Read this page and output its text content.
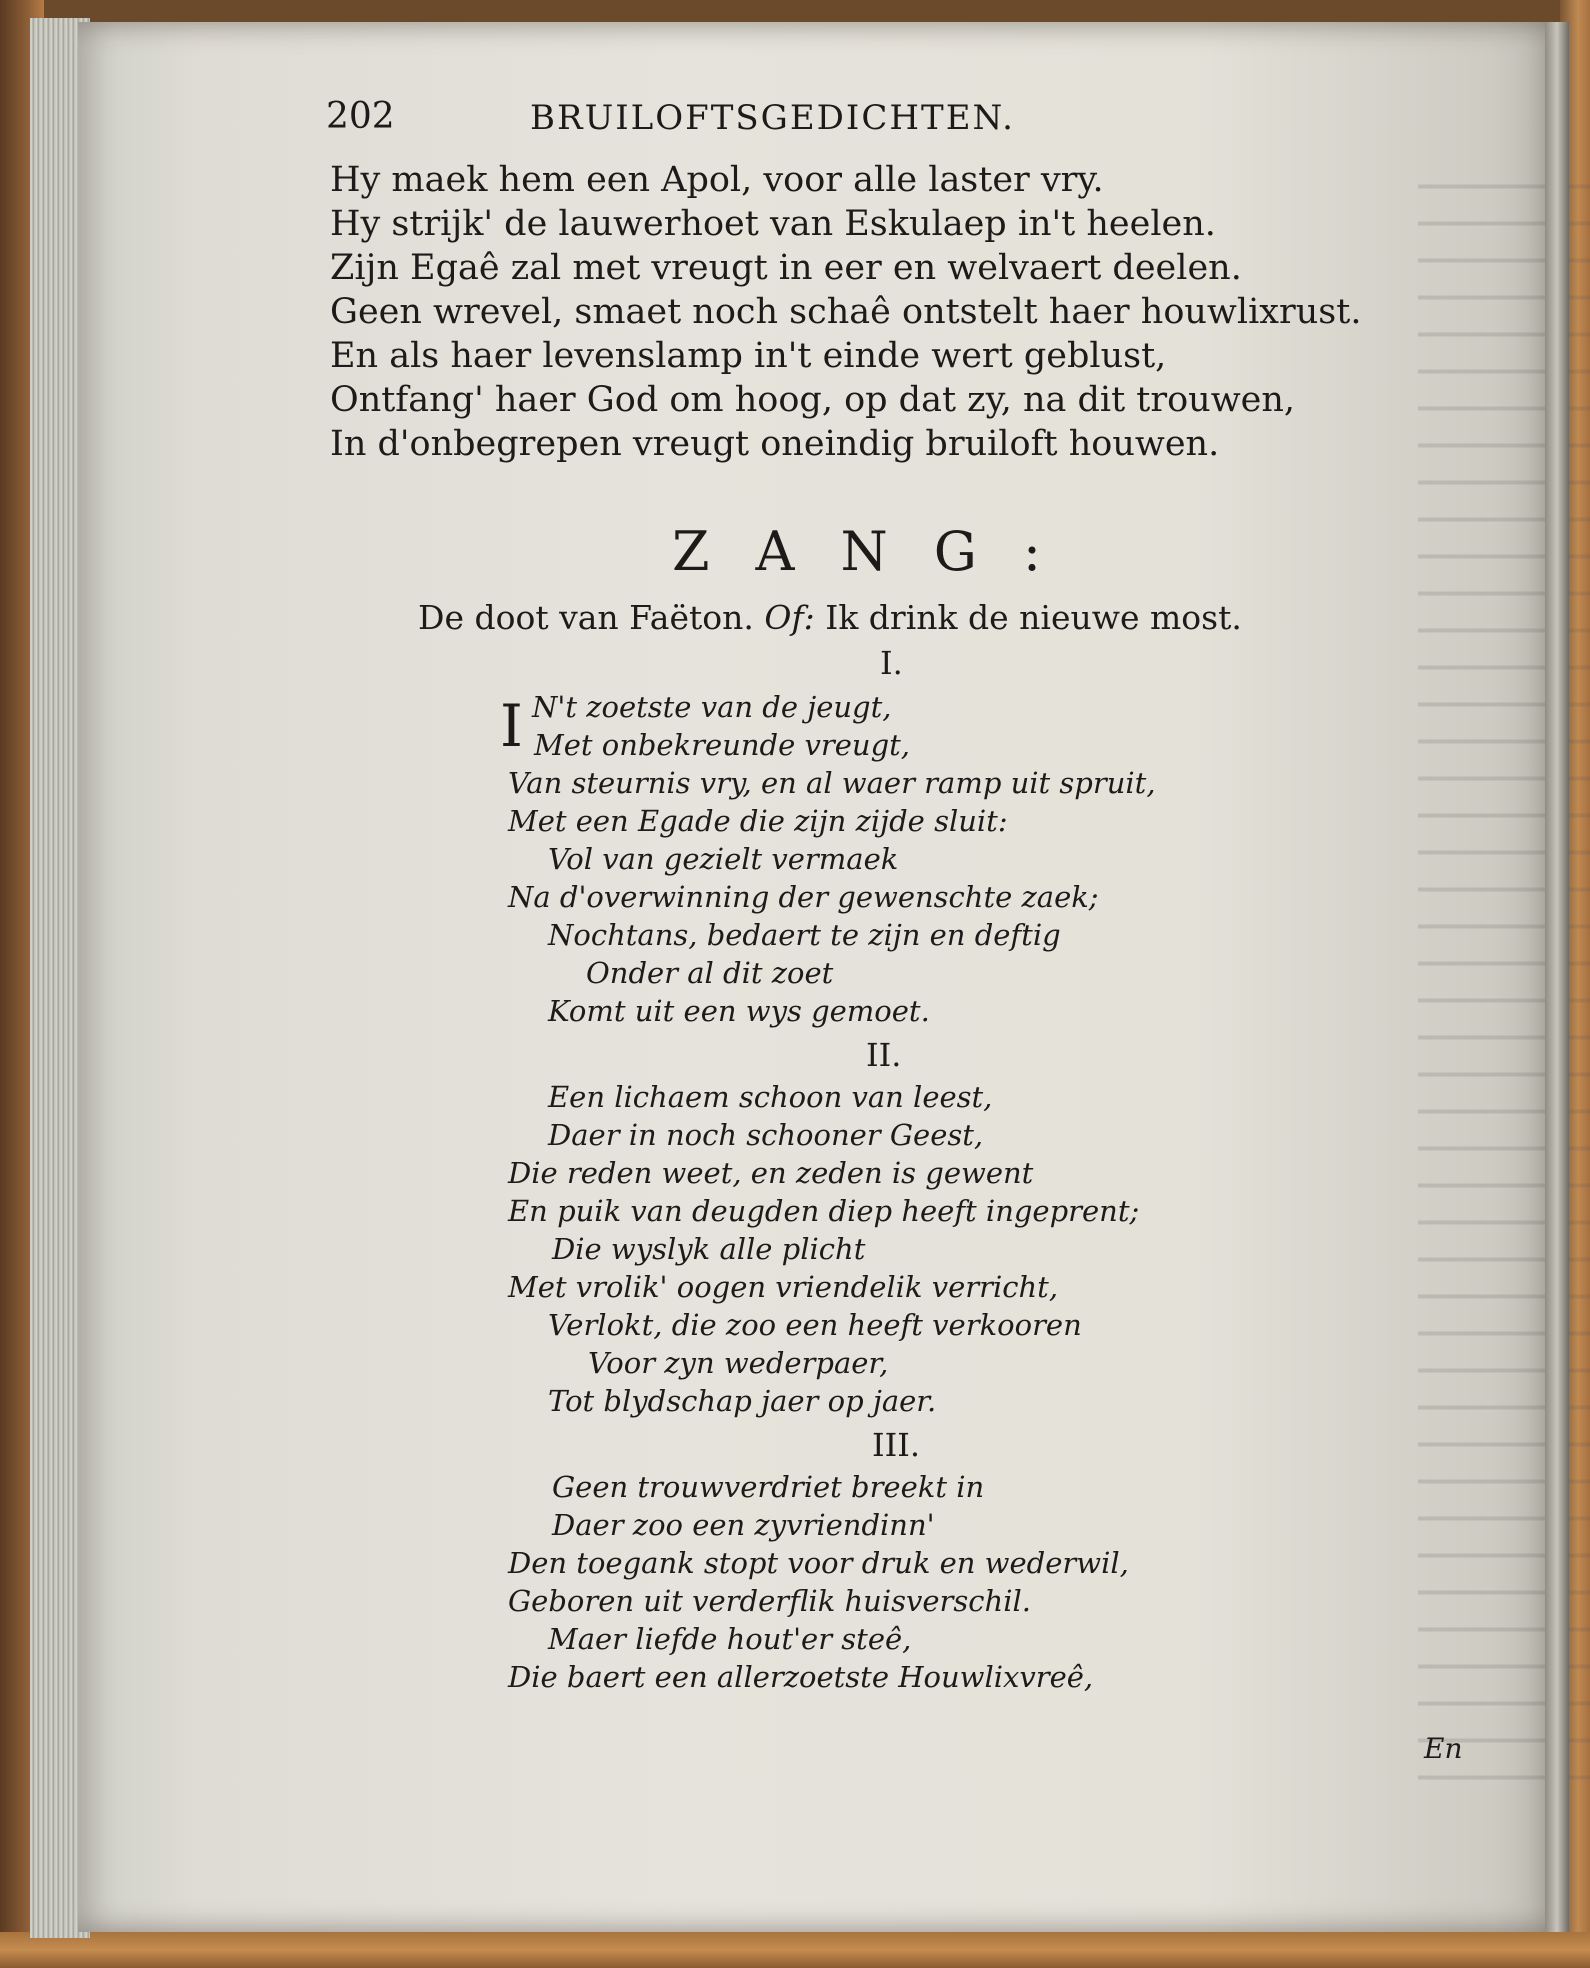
202	BRUILOFTSGEDICHTEN.
Hy maek hem een Apol, voor alle laster vry.
Hy strijk' de lauwerhoet van Eskulaep in't heelen.
Zijn Egaê zal met vreugt in eer en welvaert deelen.
Geen wrevel, smaet noch schaê ontstelt haer houwlixrust.
En als haer levenslamp in't einde wert geblust,
Ontfang' haer God om hoog, op dat zy, na dit trouwen,
In d'onbegrepen vreugt oneindig bruiloft houwen.
ZANG:
De doot van Faëton. Of: Ik drink de nieuwe most.
I.
I N't zoetste van de jeugt,
Met onbekreunde vreugt,
Van steurnis vry, en al waer ramp uit spruit,
Met een Egade die zijn zijde sluit:
Vol van gezielt vermaek
Na d'overwinning der gewenschte zaek;
Nochtans, bedaert te zijn en deftig
Onder al dit zoet
Komt uit een wys gemoet.
II.
Een lichaem schoon van leest,
Daer in noch schooner Geest,
Die reden weet, en zeden is gewent
En puik van deugden diep heeft ingeprent;
Die wyslyk alle plicht
Met vrolik' oogen vriendelik verricht,
Verlokt, die zoo een heeft verkooren
Voor zyn wederpaer,
Tot blydschap jaer op jaer.
III.
Geen trouwverdriet breekt in
Daer zoo een zyvriendinn'
Den toegank stopt voor druk en wederwil,
Geboren uit verderflik huisverschil.
Maer liefde hout'er steê,
Die baert een allerzoetste Houwlixvreê,
En
